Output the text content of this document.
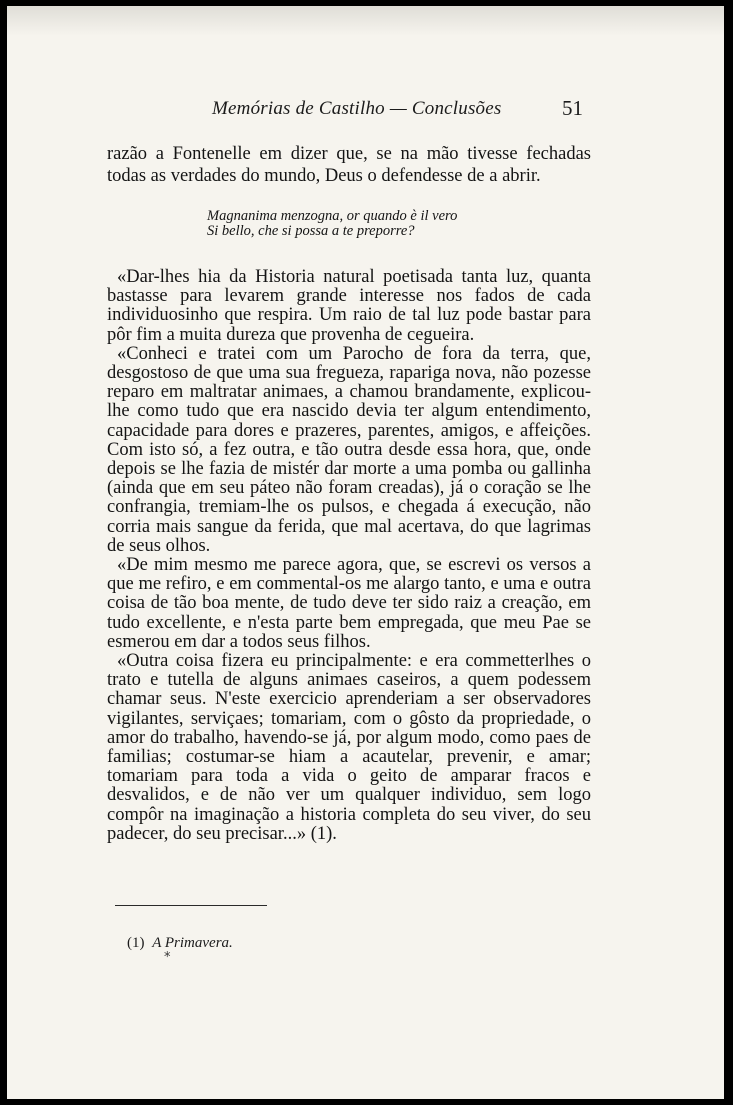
Memórias de Castilho — Conclusões	51

razão a Fontenelle em dizer que, se na mão tivesse fechadas todas as verdades do mundo, Deus o defendesse de a abrir.

Magnanima menzogna, or quando è il vero
Si bello, che si possa a te preporre?

«Dar-lhes hia da Historia natural poetisada tanta luz, quanta bastasse para levarem grande interesse nos fados de cada individuosinho que respira. Um raio de tal luz pode bastar para pôr fim a muita dureza que provenha de cegueira.

«Conheci e tratei com um Parocho de fora da terra, que, desgostoso de que uma sua fregueza, rapariga nova, não pozesse reparo em maltratar animaes, a chamou brandamente, explicou-lhe como tudo que era nascido devia ter algum entendimento, capacidade para dores e prazeres, parentes, amigos, e affeições. Com isto só, a fez outra, e tão outra desde essa hora, que, onde depois se lhe fazia de mistér dar morte a uma pomba ou gallinha (ainda que em seu páteo não foram creadas), já o coração se lhe confrangia, tremiam-lhe os pulsos, e chegada á execução, não corria mais sangue da ferida, que mal acertava, do que lagrimas de seus olhos.

«De mim mesmo me parece agora, que, se escrevi os versos a que me refiro, e em commental-os me alargo tanto, e uma e outra coisa de tão boa mente, de tudo deve ter sido raiz a creação, em tudo excellente, e n'esta parte bem empregada, que meu Pae se esmerou em dar a todos seus filhos.

«Outra coisa fizera eu principalmente: e era commetterlhes o trato e tutella de alguns animaes caseiros, a quem podessem chamar seus. N'este exercicio aprenderiam a ser observadores vigilantes, serviçaes; tomariam, com o gôsto da propriedade, o amor do trabalho, havendo-se já, por algum modo, como paes de familias; costumar-se hiam a acautelar, prevenir, e amar; tomariam para toda a vida o geito de amparar fracos e desvalidos, e de não ver um qualquer individuo, sem logo compôr na imaginação a historia completa do seu viver, do seu padecer, do seu precisar...» (1).

(1) A Primavera.
*
